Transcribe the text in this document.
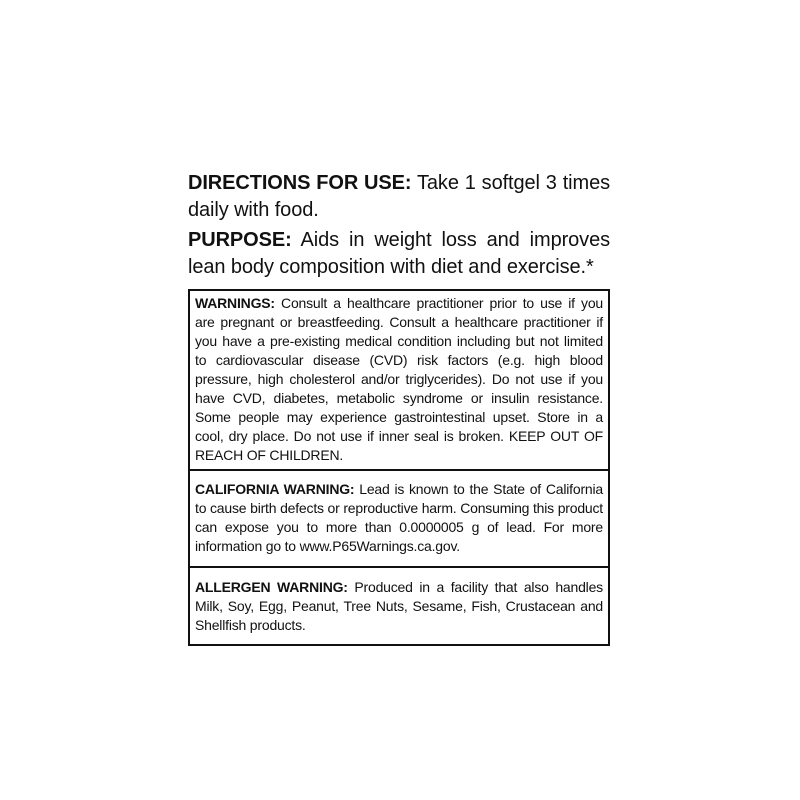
DIRECTIONS FOR USE: Take 1 softgel 3 times daily with food.

PURPOSE: Aids in weight loss and improves lean body composition with diet and exercise.*

WARNINGS: Consult a healthcare practitioner prior to use if you are pregnant or breastfeeding. Consult a healthcare practitioner if you have a pre-existing medical condition including but not limited to cardiovascular disease (CVD) risk factors (e.g. high blood pressure, high cholesterol and/or triglycerides). Do not use if you have CVD, diabetes, metabolic syndrome or insulin resistance. Some people may experience gastrointestinal upset. Store in a cool, dry place. Do not use if inner seal is broken. KEEP OUT OF REACH OF CHILDREN.
CALIFORNIA WARNING: Lead is known to the State of California to cause birth defects or reproductive harm. Consuming this product can expose you to more than 0.0000005 g of lead. For more information go to www.P65Warnings.ca.gov.
ALLERGEN WARNING: Produced in a facility that also handles Milk, Soy, Egg, Peanut, Tree Nuts, Sesame, Fish, Crustacean and Shellfish products.
